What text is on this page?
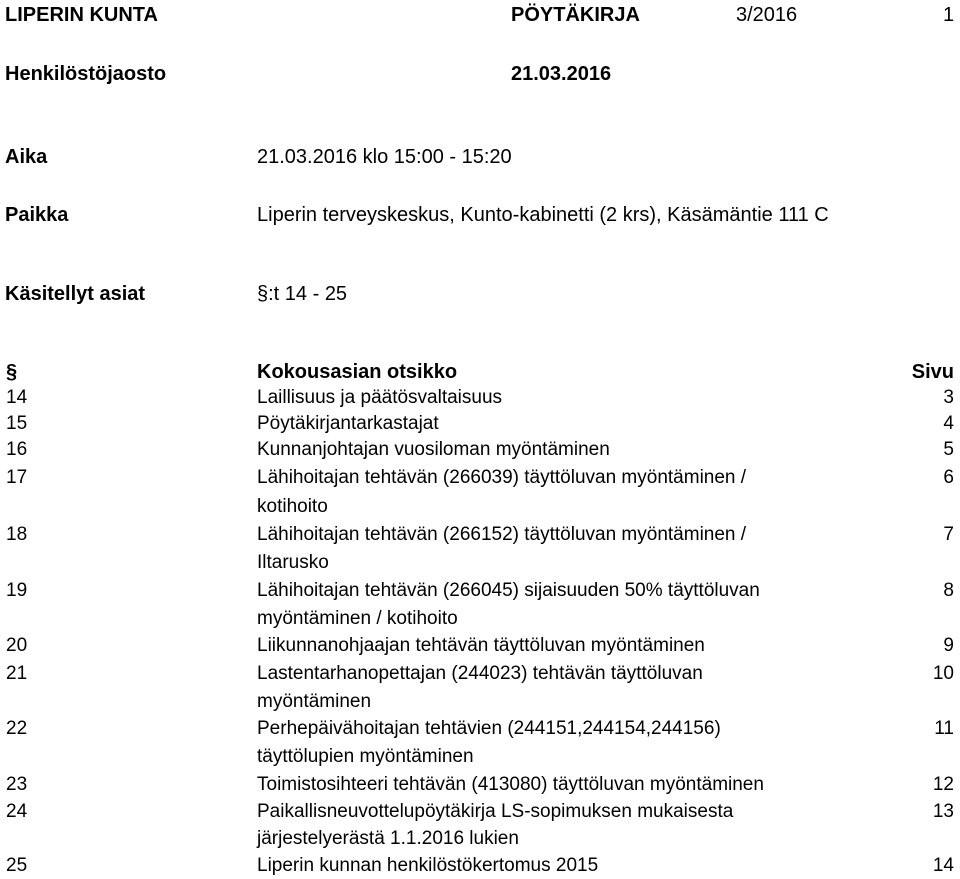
LIPERIN KUNTA	PÖYTÄKIRJA	3/2016	1
Henkilöstöjaosto	21.03.2016
Aika	21.03.2016 klo 15:00 - 15:20
Paikka	Liperin terveyskeskus, Kunto-kabinetti (2 krs), Käsämäntie 111 C
Käsitellyt asiat	§:t 14 - 25
§	Kokousasian otsikko	Sivu
14	Laillisuus ja päätösvaltaisuus	3
15	Pöytäkirjantarkastajat	4
16	Kunnanjohtajan vuosiloman myöntäminen	5
17	Lähihoitajan tehtävän (266039) täyttöluvan myöntäminen /	6
kotihoito
18	Lähihoitajan tehtävän (266152) täyttöluvan myöntäminen /	7
Iltarusko
19	Lähihoitajan tehtävän (266045) sijaisuuden 50% täyttöluvan	8
myöntäminen / kotihoito
20	Liikunnanohjaajan tehtävän täyttöluvan myöntäminen	9
21	Lastentarhanopettajan (244023) tehtävän täyttöluvan	10
myöntäminen
22	Perhepäivähoitajan tehtävien (244151,244154,244156)	11
täyttölupien myöntäminen
23	Toimistosihteeri tehtävän (413080) täyttöluvan myöntäminen	12
24	Paikallisneuvottelupöytäkirja LS-sopimuksen mukaisesta	13
järjestelyerästä 1.1.2016 lukien
25	Liperin kunnan henkilöstökertomus 2015	14
